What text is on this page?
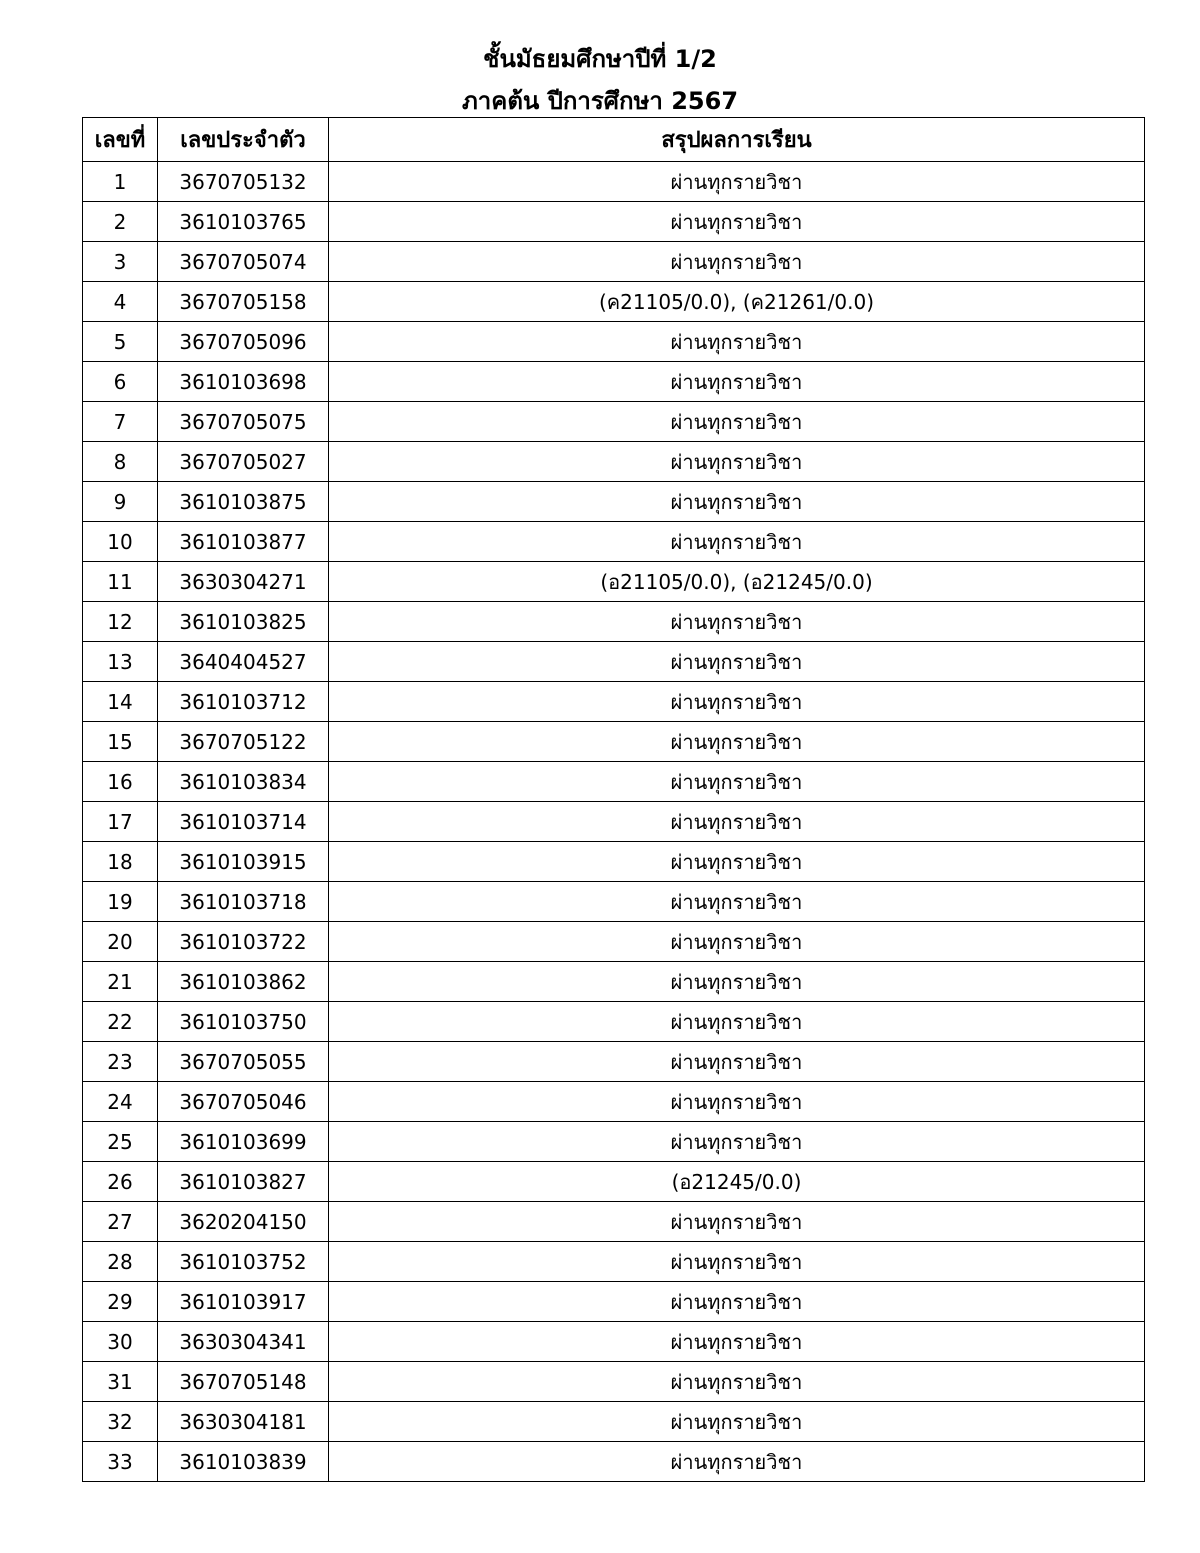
ชั้นมัธยมศึกษาปีที่ 1/2
ภาคต้น ปีการศึกษา 2567
เลขที่	เลขประจำตัว	สรุปผลการเรียน
1	3670705132	ผ่านทุกรายวิชา
2	3610103765	ผ่านทุกรายวิชา
3	3670705074	ผ่านทุกรายวิชา
4	3670705158	(ค21105/0.0), (ค21261/0.0)
5	3670705096	ผ่านทุกรายวิชา
6	3610103698	ผ่านทุกรายวิชา
7	3670705075	ผ่านทุกรายวิชา
8	3670705027	ผ่านทุกรายวิชา
9	3610103875	ผ่านทุกรายวิชา
10	3610103877	ผ่านทุกรายวิชา
11	3630304271	(อ21105/0.0), (อ21245/0.0)
12	3610103825	ผ่านทุกรายวิชา
13	3640404527	ผ่านทุกรายวิชา
14	3610103712	ผ่านทุกรายวิชา
15	3670705122	ผ่านทุกรายวิชา
16	3610103834	ผ่านทุกรายวิชา
17	3610103714	ผ่านทุกรายวิชา
18	3610103915	ผ่านทุกรายวิชา
19	3610103718	ผ่านทุกรายวิชา
20	3610103722	ผ่านทุกรายวิชา
21	3610103862	ผ่านทุกรายวิชา
22	3610103750	ผ่านทุกรายวิชา
23	3670705055	ผ่านทุกรายวิชา
24	3670705046	ผ่านทุกรายวิชา
25	3610103699	ผ่านทุกรายวิชา
26	3610103827	(อ21245/0.0)
27	3620204150	ผ่านทุกรายวิชา
28	3610103752	ผ่านทุกรายวิชา
29	3610103917	ผ่านทุกรายวิชา
30	3630304341	ผ่านทุกรายวิชา
31	3670705148	ผ่านทุกรายวิชา
32	3630304181	ผ่านทุกรายวิชา
33	3610103839	ผ่านทุกรายวิชา
